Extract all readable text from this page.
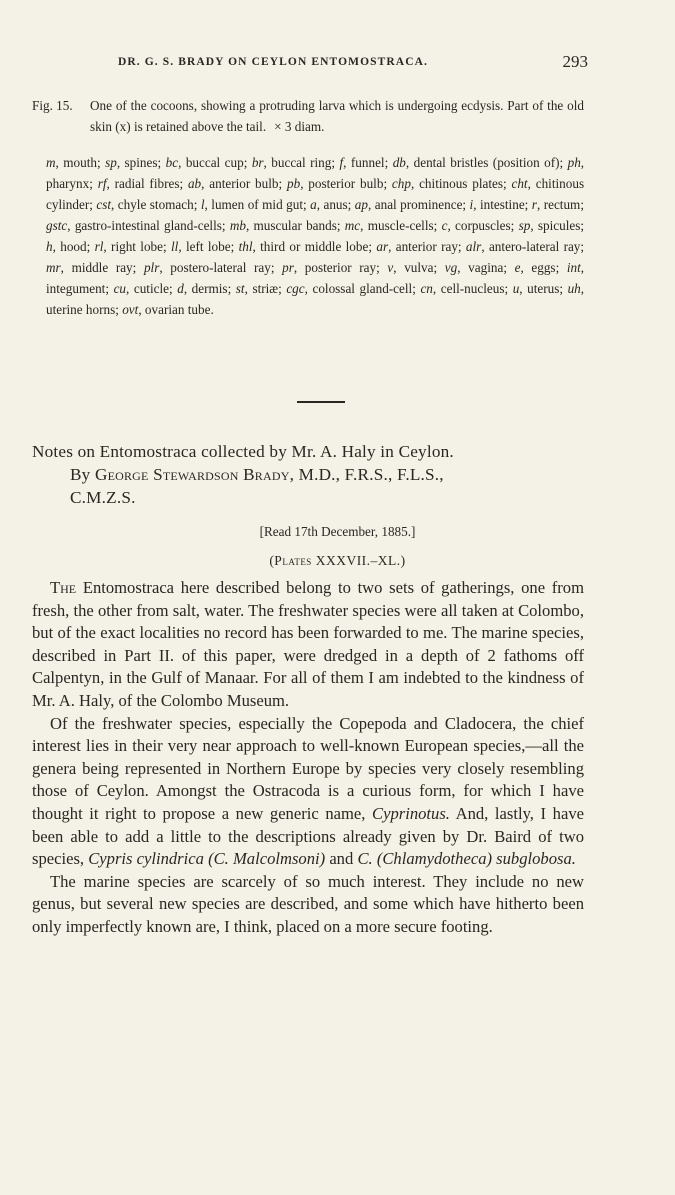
DR. G. S. BRADY ON CEYLON ENTOMOSTRACA.	293
Fig. 15.	One of the cocoons, showing a protruding larva which is undergoing ecdysis. Part of the old skin (x) is retained above the tail. × 3 diam.
m, mouth; sp, spines; bc, buccal cup; br, buccal ring; f, funnel; db, dental bristles (position of); ph, pharynx; rf, radial fibres; ab, anterior bulb; pb, posterior bulb; chp, chitinous plates; cht, chitinous cylinder; cst, chyle stomach; l, lumen of mid gut; a, anus; ap, anal prominence; i, intestine; r, rectum; gstc, gastro-intestinal gland-cells; mb, muscular bands; mc, muscle-cells; c, corpuscles; sp, spicules; h, hood; rl, right lobe; ll, left lobe; thl, third or middle lobe; ar, anterior ray; alr, antero-lateral ray; mr, middle ray; plr, postero-lateral ray; pr, posterior ray; v, vulva; vg, vagina; e, eggs; int, integument; cu, cuticle; d, dermis; st, striæ; cgc, colossal gland-cell; cn, cell-nucleus; u, uterus; uh, uterine horns; ovt, ovarian tube.
Notes on Entomostraca collected by Mr. A. Haly in Ceylon.
By George Stewardson Brady, M.D., F.R.S., F.L.S.,
C.M.Z.S.
[Read 17th December, 1885.]
(Plates XXXVII.–XL.)

The Entomostraca here described belong to two sets of gatherings, one from fresh, the other from salt, water. The freshwater species were all taken at Colombo, but of the exact localities no record has been forwarded to me. The marine species, described in Part II. of this paper, were dredged in a depth of 2 fathoms off Calpentyn, in the Gulf of Manaar. For all of them I am indebted to the kindness of Mr. A. Haly, of the Colombo Museum.

Of the freshwater species, especially the Copepoda and Cladocera, the chief interest lies in their very near approach to well-known European species,—all the genera being represented in Northern Europe by species very closely resembling those of Ceylon. Amongst the Ostracoda is a curious form, for which I have thought it right to propose a new generic name, Cyprinotus. And, lastly, I have been able to add a little to the descriptions already given by Dr. Baird of two species, Cypris cylindrica (C. Malcolmsoni) and C. (Chlamydotheca) subglobosa.

The marine species are scarcely of so much interest. They include no new genus, but several new species are described, and some which have hitherto been only imperfectly known are, I think, placed on a more secure footing.
